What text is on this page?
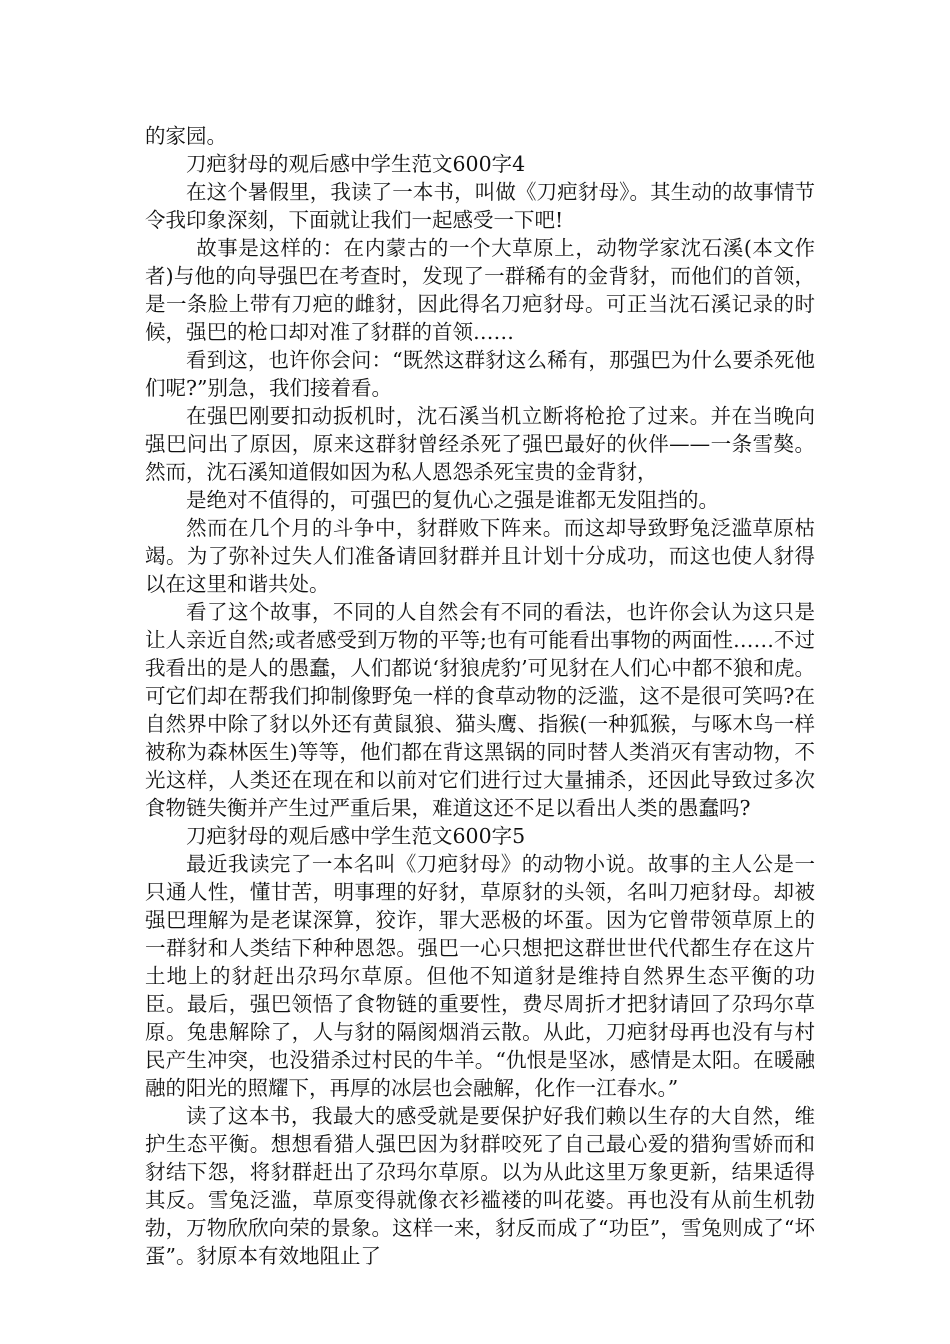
的家园。

刀疤豺母的观后感中学生范文600字4

在这个暑假里，我读了一本书，叫做《刀疤豺母》。其生动的故事情节令我印象深刻，下面就让我们一起感受一下吧!

故事是这样的：在内蒙古的一个大草原上，动物学家沈石溪(本文作者)与他的向导强巴在考查时，发现了一群稀有的金背豺，而他们的首领，是一条脸上带有刀疤的雌豺，因此得名刀疤豺母。可正当沈石溪记录的时候，强巴的枪口却对准了豺群的首领……

看到这，也许你会问：“既然这群豺这么稀有，那强巴为什么要杀死他们呢?”别急，我们接着看。

在强巴刚要扣动扳机时，沈石溪当机立断将枪抢了过来。并在当晚向强巴问出了原因，原来这群豺曾经杀死了强巴最好的伙伴——一条雪獒。然而，沈石溪知道假如因为私人恩怨杀死宝贵的金背豺，

是绝对不值得的，可强巴的复仇心之强是谁都无发阻挡的。

然而在几个月的斗争中，豺群败下阵来。而这却导致野兔泛滥草原枯竭。为了弥补过失人们准备请回豺群并且计划十分成功，而这也使人豺得以在这里和谐共处。

看了这个故事，不同的人自然会有不同的看法，也许你会认为这只是让人亲近自然;或者感受到万物的平等;也有可能看出事物的两面性……不过我看出的是人的愚蠢，人们都说‘豺狼虎豹’可见豺在人们心中都不狼和虎。可它们却在帮我们抑制像野兔一样的食草动物的泛滥，这不是很可笑吗?在自然界中除了豺以外还有黄鼠狼、猫头鹰、指猴(一种狐猴，与啄木鸟一样被称为森林医生)等等，他们都在背这黑锅的同时替人类消灭有害动物，不光这样，人类还在现在和以前对它们进行过大量捕杀，还因此导致过多次食物链失衡并产生过严重后果，难道这还不足以看出人类的愚蠢吗?

刀疤豺母的观后感中学生范文600字5

最近我读完了一本名叫《刀疤豺母》的动物小说。故事的主人公是一只通人性，懂甘苦，明事理的好豺，草原豺的头领，名叫刀疤豺母。却被强巴理解为是老谋深算，狡诈，罪大恶极的坏蛋。因为它曾带领草原上的一群豺和人类结下种种恩怨。强巴一心只想把这群世世代代都生存在这片土地上的豺赶出尕玛尔草原。但他不知道豺是维持自然界生态平衡的功臣。最后，强巴领悟了食物链的重要性，费尽周折才把豺请回了尕玛尔草原。兔患解除了，人与豺的隔阂烟消云散。从此，刀疤豺母再也没有与村民产生冲突，也没猎杀过村民的牛羊。“仇恨是坚冰，感情是太阳。在暖融融的阳光的照耀下，再厚的冰层也会融解，化作一江春水。”

读了这本书，我最大的感受就是要保护好我们赖以生存的大自然，维护生态平衡。想想看猎人强巴因为豺群咬死了自己最心爱的猎狗雪娇而和豺结下怨，将豺群赶出了尕玛尔草原。以为从此这里万象更新，结果适得其反。雪兔泛滥，草原变得就像衣衫褴褛的叫花婆。再也没有从前生机勃勃，万物欣欣向荣的景象。这样一来，豺反而成了“功臣”，雪兔则成了“坏蛋”。豺原本有效地阻止了
